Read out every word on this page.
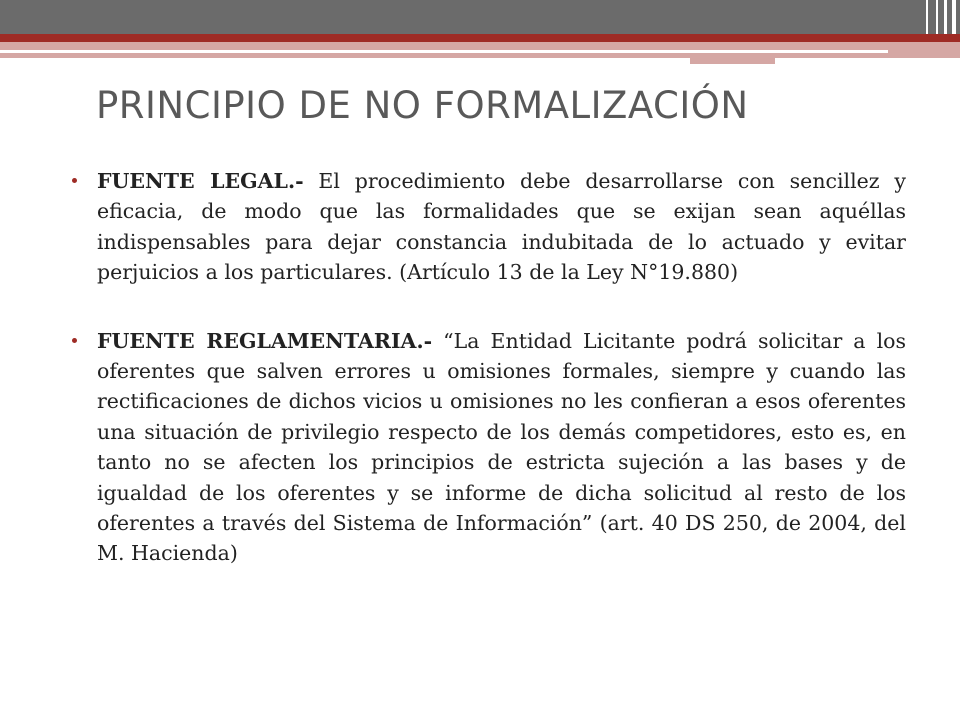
PRINCIPIO DE NO FORMALIZACIÓN
FUENTE LEGAL.- El procedimiento debe desarrollarse con sencillez y eficacia, de modo que las formalidades que se exijan sean aquéllas indispensables para dejar constancia indubitada de lo actuado y evitar perjuicios a los particulares. (Artículo 13 de la Ley N°19.880)
FUENTE REGLAMENTARIA.- “La Entidad Licitante podrá solicitar a los oferentes que salven errores u omisiones formales, siempre y cuando las rectificaciones de dichos vicios u omisiones no les confieran a esos oferentes una situación de privilegio respecto de los demás competidores, esto es, en tanto no se afecten los principios de estricta sujeción a las bases y de igualdad de los oferentes y se informe de dicha solicitud al resto de los oferentes a través del Sistema de Información” (art. 40 DS 250, de 2004, del M. Hacienda)
